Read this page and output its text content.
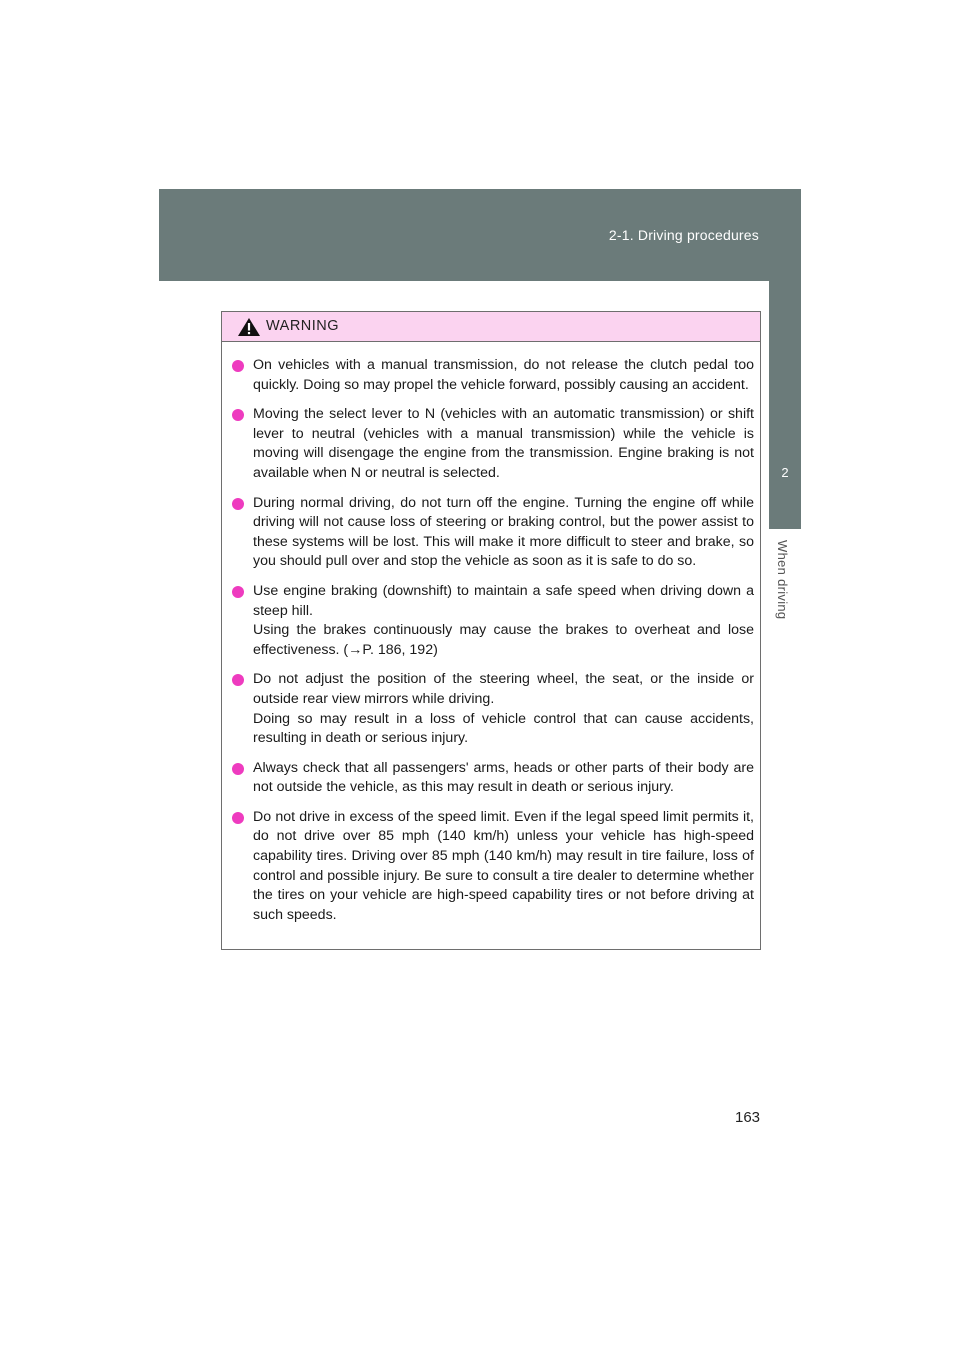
2-1. Driving procedures
2
When driving
WARNING
On vehicles with a manual transmission, do not release the clutch pedal too quickly. Doing so may propel the vehicle forward, possibly causing an accident.
Moving the select lever to N (vehicles with an automatic transmission) or shift lever to neutral (vehicles with a manual transmission) while the vehicle is moving will disengage the engine from the transmission. Engine braking is not available when N or neutral is selected.
During normal driving, do not turn off the engine. Turning the engine off while driving will not cause loss of steering or braking control, but the power assist to these systems will be lost. This will make it more difficult to steer and brake, so you should pull over and stop the vehicle as soon as it is safe to do so.
Use engine braking (downshift) to maintain a safe speed when driving down a steep hill.
Using the brakes continuously may cause the brakes to overheat and lose effectiveness. (→P. 186, 192)
Do not adjust the position of the steering wheel, the seat, or the inside or outside rear view mirrors while driving.
Doing so may result in a loss of vehicle control that can cause accidents, resulting in death or serious injury.
Always check that all passengers' arms, heads or other parts of their body are not outside the vehicle, as this may result in death or serious injury.
Do not drive in excess of the speed limit. Even if the legal speed limit permits it, do not drive over 85 mph (140 km/h) unless your vehicle has high-speed capability tires. Driving over 85 mph (140 km/h) may result in tire failure, loss of control and possible injury. Be sure to consult a tire dealer to determine whether the tires on your vehicle are high-speed capability tires or not before driving at such speeds.
163
